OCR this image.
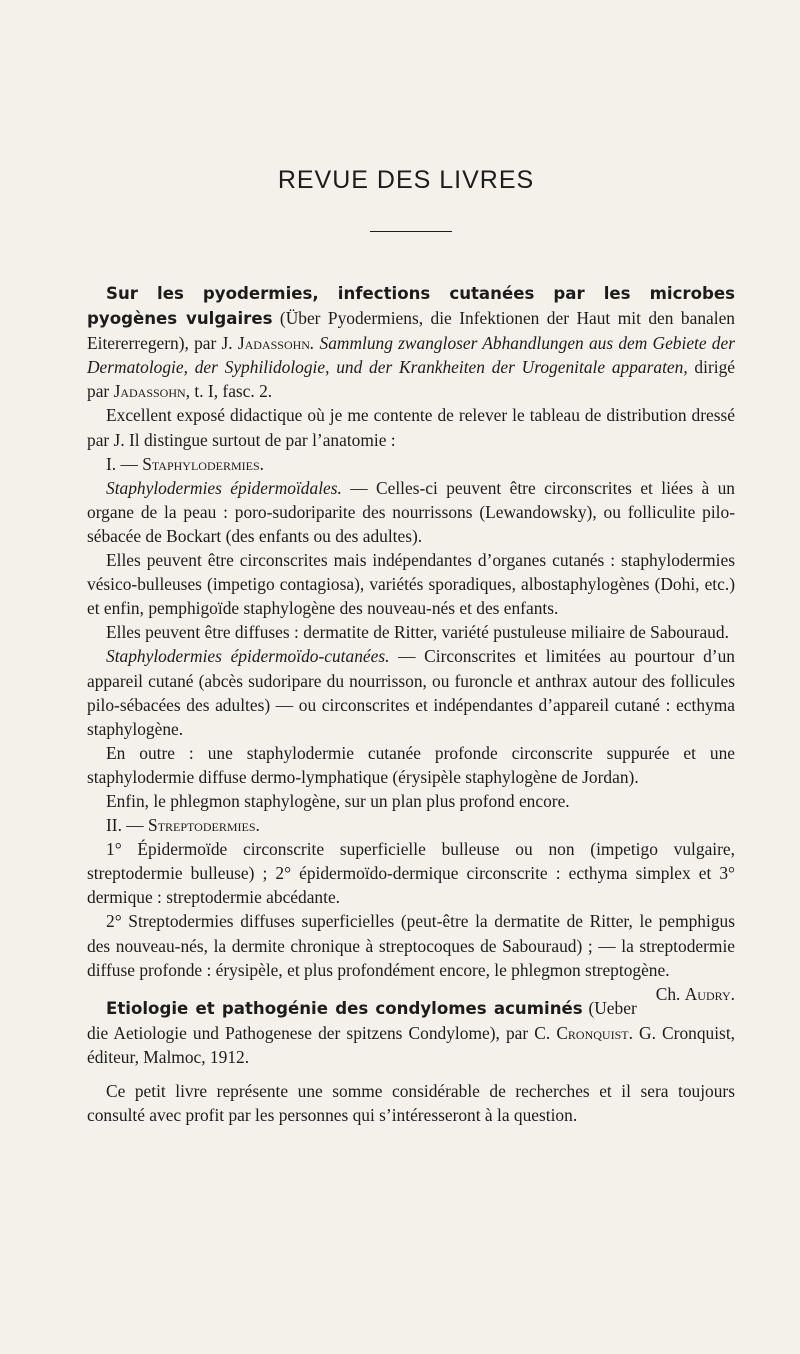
REVUE DES LIVRES

Sur les pyodermies, infections cutanées par les microbes pyogènes vulgaires (Über Pyodermiens, die Infektionen der Haut mit den banalen Eitererregern), par J. Jadassohn. Sammlung zwangloser Abhandlungen aus dem Gebiete der Dermatologie, der Syphilidologie, und der Krankheiten der Urogenitale apparaten, dirigé par Jadassohn, t. I, fasc. 2.

Excellent exposé didactique où je me contente de relever le tableau de distribution dressé par J. Il distingue surtout de par l’anatomie :

I. — Staphylodermies.

Staphylodermies épidermoïdales. — Celles-ci peuvent être circonscrites et liées à un organe de la peau : poro-sudoriparite des nourrissons (Lewandowsky), ou folliculite pilo-sébacée de Bockart (des enfants ou des adultes).

Elles peuvent être circonscrites mais indépendantes d’organes cutanés : staphylodermies vésico-bulleuses (impetigo contagiosa), variétés sporadiques, albostaphylogènes (Dohi, etc.) et enfin, pemphigoïde staphylogène des nouveau-nés et des enfants.

Elles peuvent être diffuses : dermatite de Ritter, variété pustuleuse miliaire de Sabouraud.

Staphylodermies épidermoïdo-cutanées. — Circonscrites et limitées au pourtour d’un appareil cutané (abcès sudoripare du nourrisson, ou furoncle et anthrax autour des follicules pilo-sébacées des adultes) — ou circonscrites et indépendantes d’appareil cutané : ecthyma staphylogène.

En outre : une staphylodermie cutanée profonde circonscrite suppurée et une staphylodermie diffuse dermo-lymphatique (érysipèle staphylogène de Jordan).

Enfin, le phlegmon staphylogène, sur un plan plus profond encore.

II. — Streptodermies.

1° Épidermoïde circonscrite superficielle bulleuse ou non (impetigo vulgaire, streptodermie bulleuse) ; 2° épidermoïdo-dermique circonscrite : ecthyma simplex et 3° dermique : streptodermie abcédante.

2° Streptodermies diffuses superficielles (peut-être la dermatite de Ritter, le pemphigus des nouveau-nés, la dermite chronique à streptocoques de Sabouraud) ; — la streptodermie diffuse profonde : érysipèle, et plus profondément encore, le phlegmon streptogène.
Ch. Audry.

Etiologie et pathogénie des condylomes acuminés (Ueber die Aetiologie und Pathogenese der spitzens Condylome), par C. Cronquist. G. Cronquist, éditeur, Malmoc, 1912.

Ce petit livre représente une somme considérable de recherches et il sera toujours consulté avec profit par les personnes qui s’intéresseront à la question.
